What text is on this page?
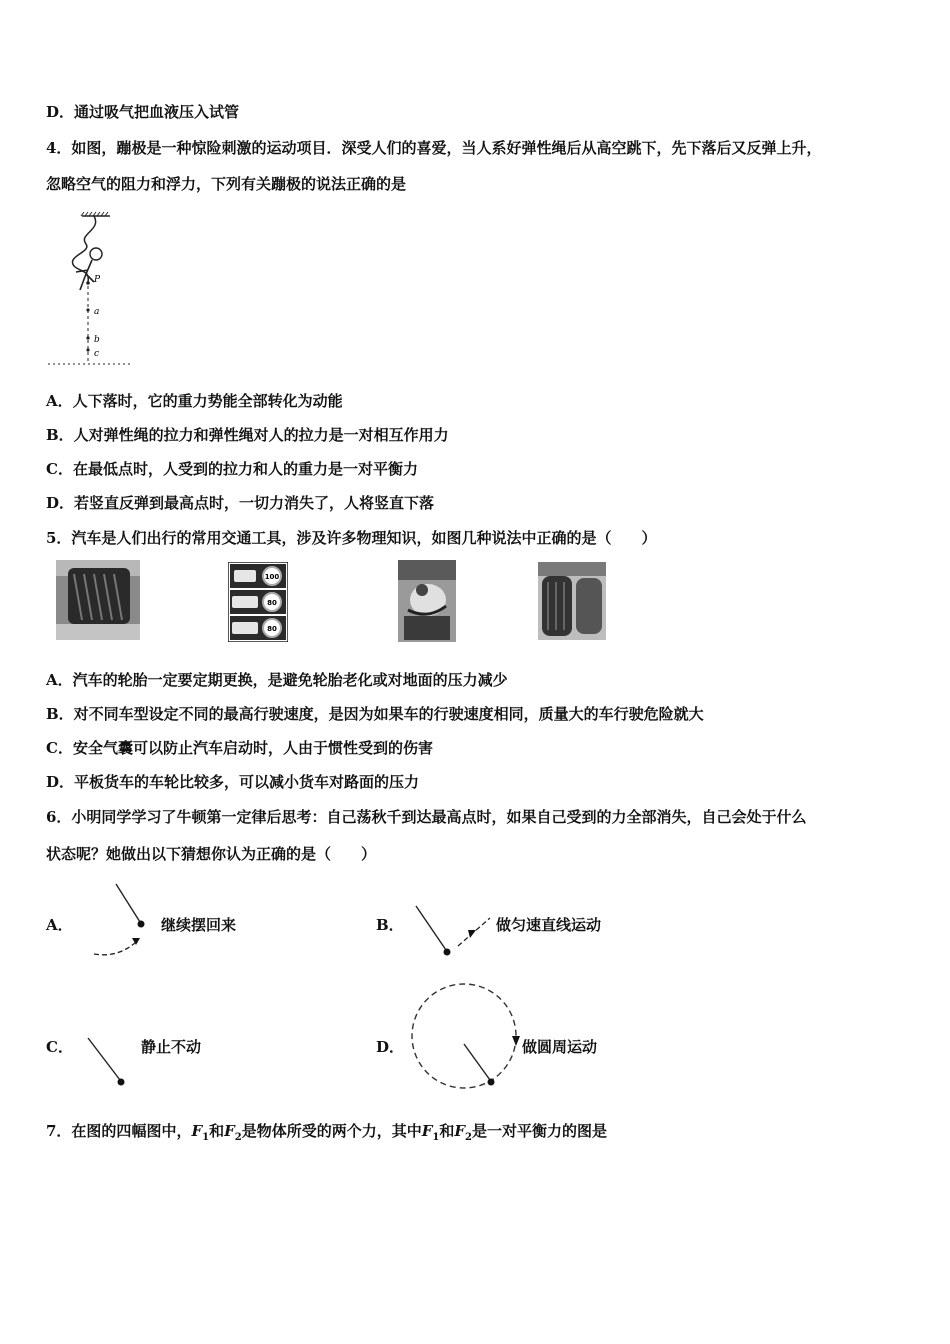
D．通过吸气把血液压入试管
4．如图，蹦极是一种惊险刺激的运动项目．深受人们的喜爱，当人系好弹性绳后从高空跳下，先下落后又反弹上升，
忽略空气的阻力和浮力，下列有关蹦极的说法正确的是
P
a
b
c
A．人下落时，它的重力势能全部转化为动能
B．人对弹性绳的拉力和弹性绳对人的拉力是一对相互作用力
C．在最低点时，人受到的拉力和人的重力是一对平衡力
D．若竖直反弹到最高点时，一切力消失了，人将竖直下落
5．汽车是人们出行的常用交通工具，涉及许多物理知识，如图几种说法中正确的是（　　）
100
80
80
A．汽车的轮胎一定要定期更换，是避免轮胎老化或对地面的压力减少
B．对不同车型设定不同的最高行驶速度，是因为如果车的行驶速度相同，质量大的车行驶危险就大
C．安全气囊可以防止汽车启动时，人由于惯性受到的伤害
D．平板货车的车轮比较多，可以减小货车对路面的压力
6．小明同学学习了牛顿第一定律后思考：自己荡秋千到达最高点时，如果自己受到的力全部消失，自己会处于什么
状态呢？她做出以下猜想你认为正确的是（　　）
A．	继续摆回来	B．	做匀速直线运动
C．	静止不动	D．	做圆周运动
7．在图的四幅图中，$F_1$和$F_2$是物体所受的两个力，其中$F_1$和$F_2$是一对平衡力的图是
